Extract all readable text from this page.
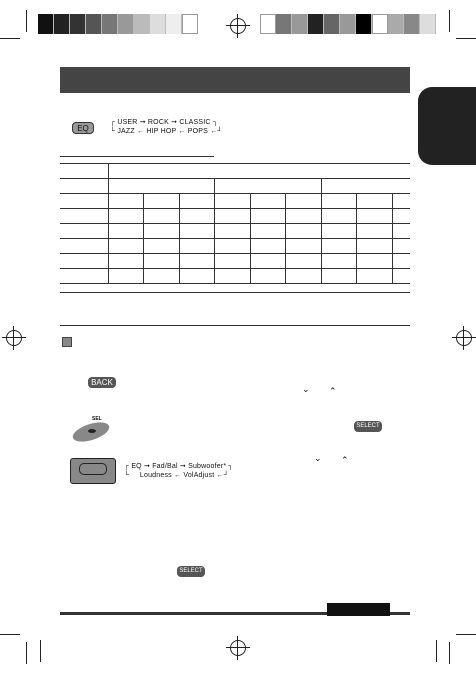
EQ
┌ USER ➞ ROCK ➞ CLASSIC ┐
└ JAZZ ← HIP HOP ← POPS ←┘

BACK
⌄ ⌃
SEL
SELECT
⌄ ⌃
┌ EQ ➞ Fad/Bal ➞ Subwoofer* ┐
└     Loudness ← VolAdjust ←┘
SELECT
